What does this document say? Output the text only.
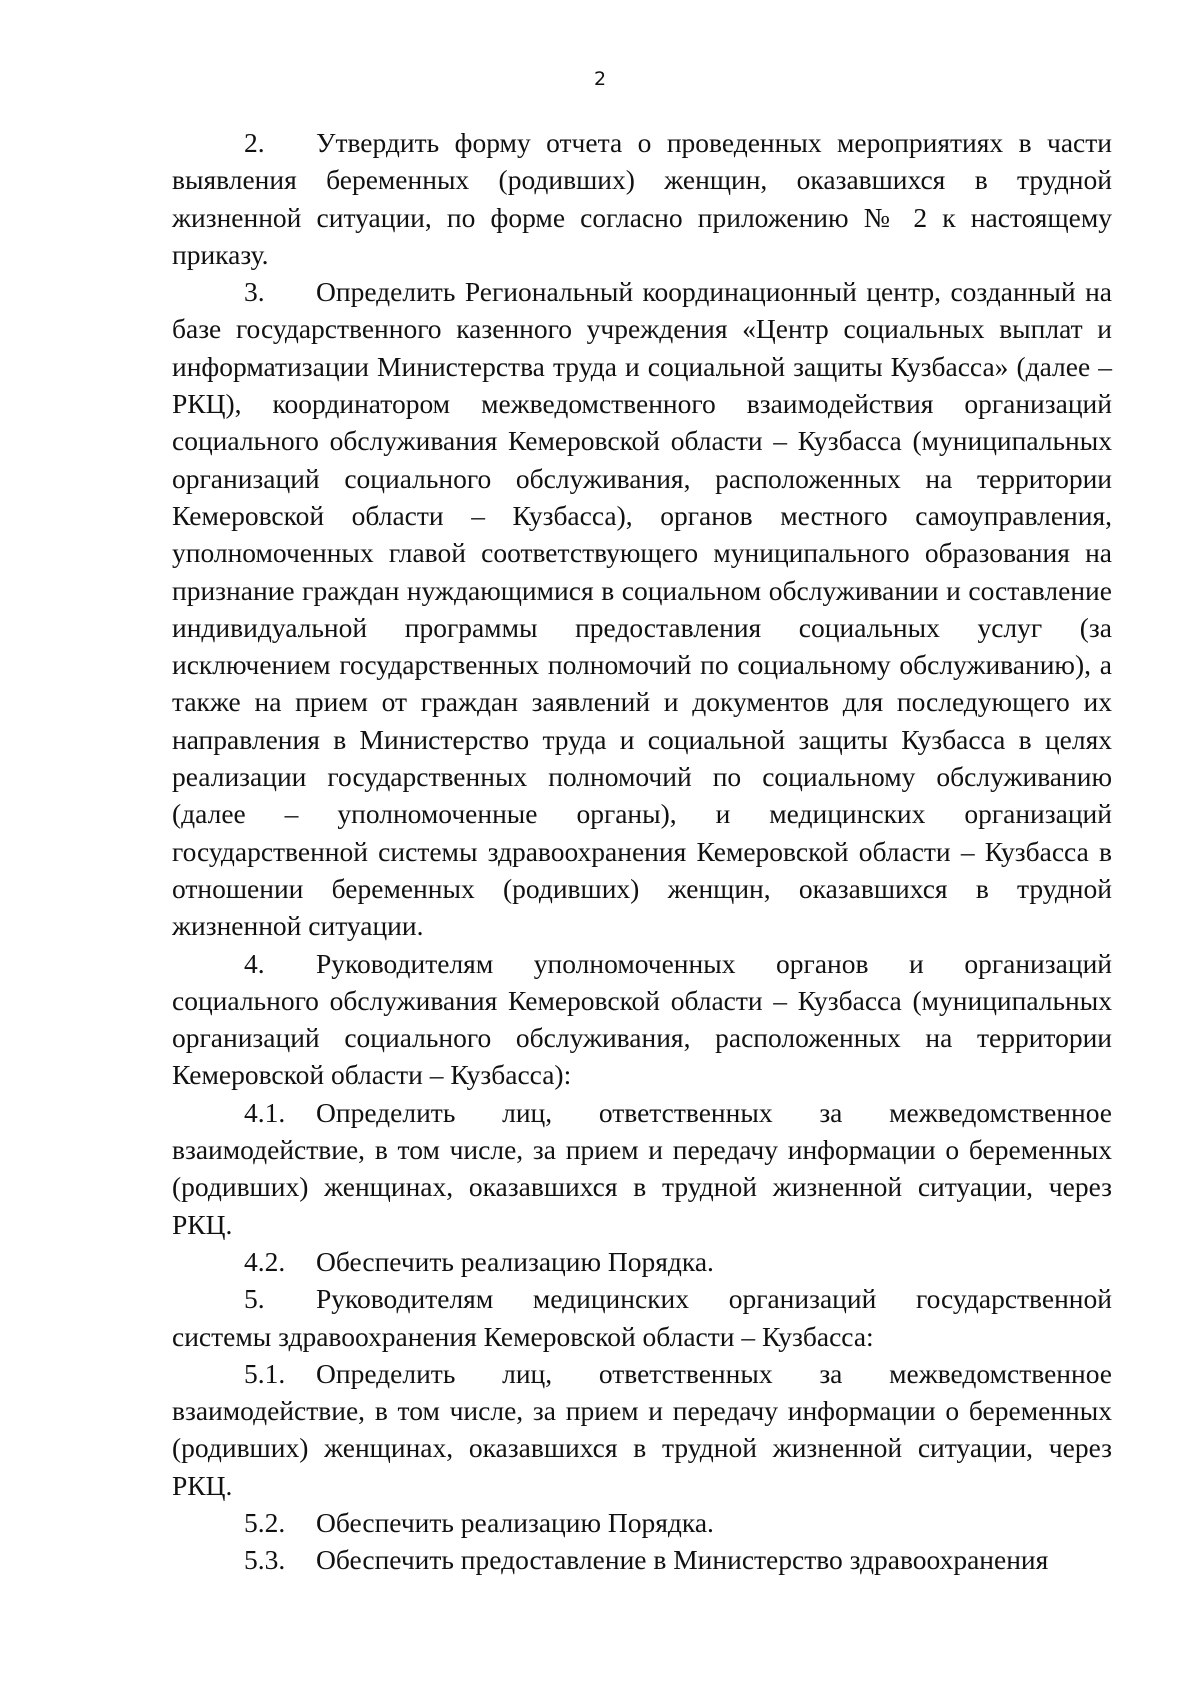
2

2. Утвердить форму отчета о проведенных мероприятиях в части выявления беременных (родивших) женщин, оказавшихся в трудной жизненной ситуации, по форме согласно приложению № 2 к настоящему приказу.

3. Определить Региональный координационный центр, созданный на базе государственного казенного учреждения «Центр социальных выплат и информатизации Министерства труда и социальной защиты Кузбасса» (далее – РКЦ), координатором межведомственного взаимодействия организаций социального обслуживания Кемеровской области – Кузбасса (муниципальных организаций социального обслуживания, расположенных на территории Кемеровской области – Кузбасса), органов местного самоуправления, уполномоченных главой соответствующего муниципального образования на признание граждан нуждающимися в социальном обслуживании и составление индивидуальной программы предоставления социальных услуг (за исключением государственных полномочий по социальному обслуживанию), а также на прием от граждан заявлений и документов для последующего их направления в Министерство труда и социальной защиты Кузбасса в целях реализации государственных полномочий по социальному обслуживанию (далее – уполномоченные органы), и медицинских организаций государственной системы здравоохранения Кемеровской области – Кузбасса в отношении беременных (родивших) женщин, оказавшихся в трудной жизненной ситуации.

4. Руководителям уполномоченных органов и организаций социального обслуживания Кемеровской области – Кузбасса (муниципальных организаций социального обслуживания, расположенных на территории Кемеровской области – Кузбасса):

4.1. Определить лиц, ответственных за межведомственное взаимодействие, в том числе, за прием и передачу информации о беременных (родивших) женщинах, оказавшихся в трудной жизненной ситуации, через РКЦ.

4.2. Обеспечить реализацию Порядка.

5. Руководителям медицинских организаций государственной системы здравоохранения Кемеровской области – Кузбасса:

5.1. Определить лиц, ответственных за межведомственное взаимодействие, в том числе, за прием и передачу информации о беременных (родивших) женщинах, оказавшихся в трудной жизненной ситуации, через РКЦ.

5.2. Обеспечить реализацию Порядка.

5.3. Обеспечить предоставление в Министерство здравоохранения
